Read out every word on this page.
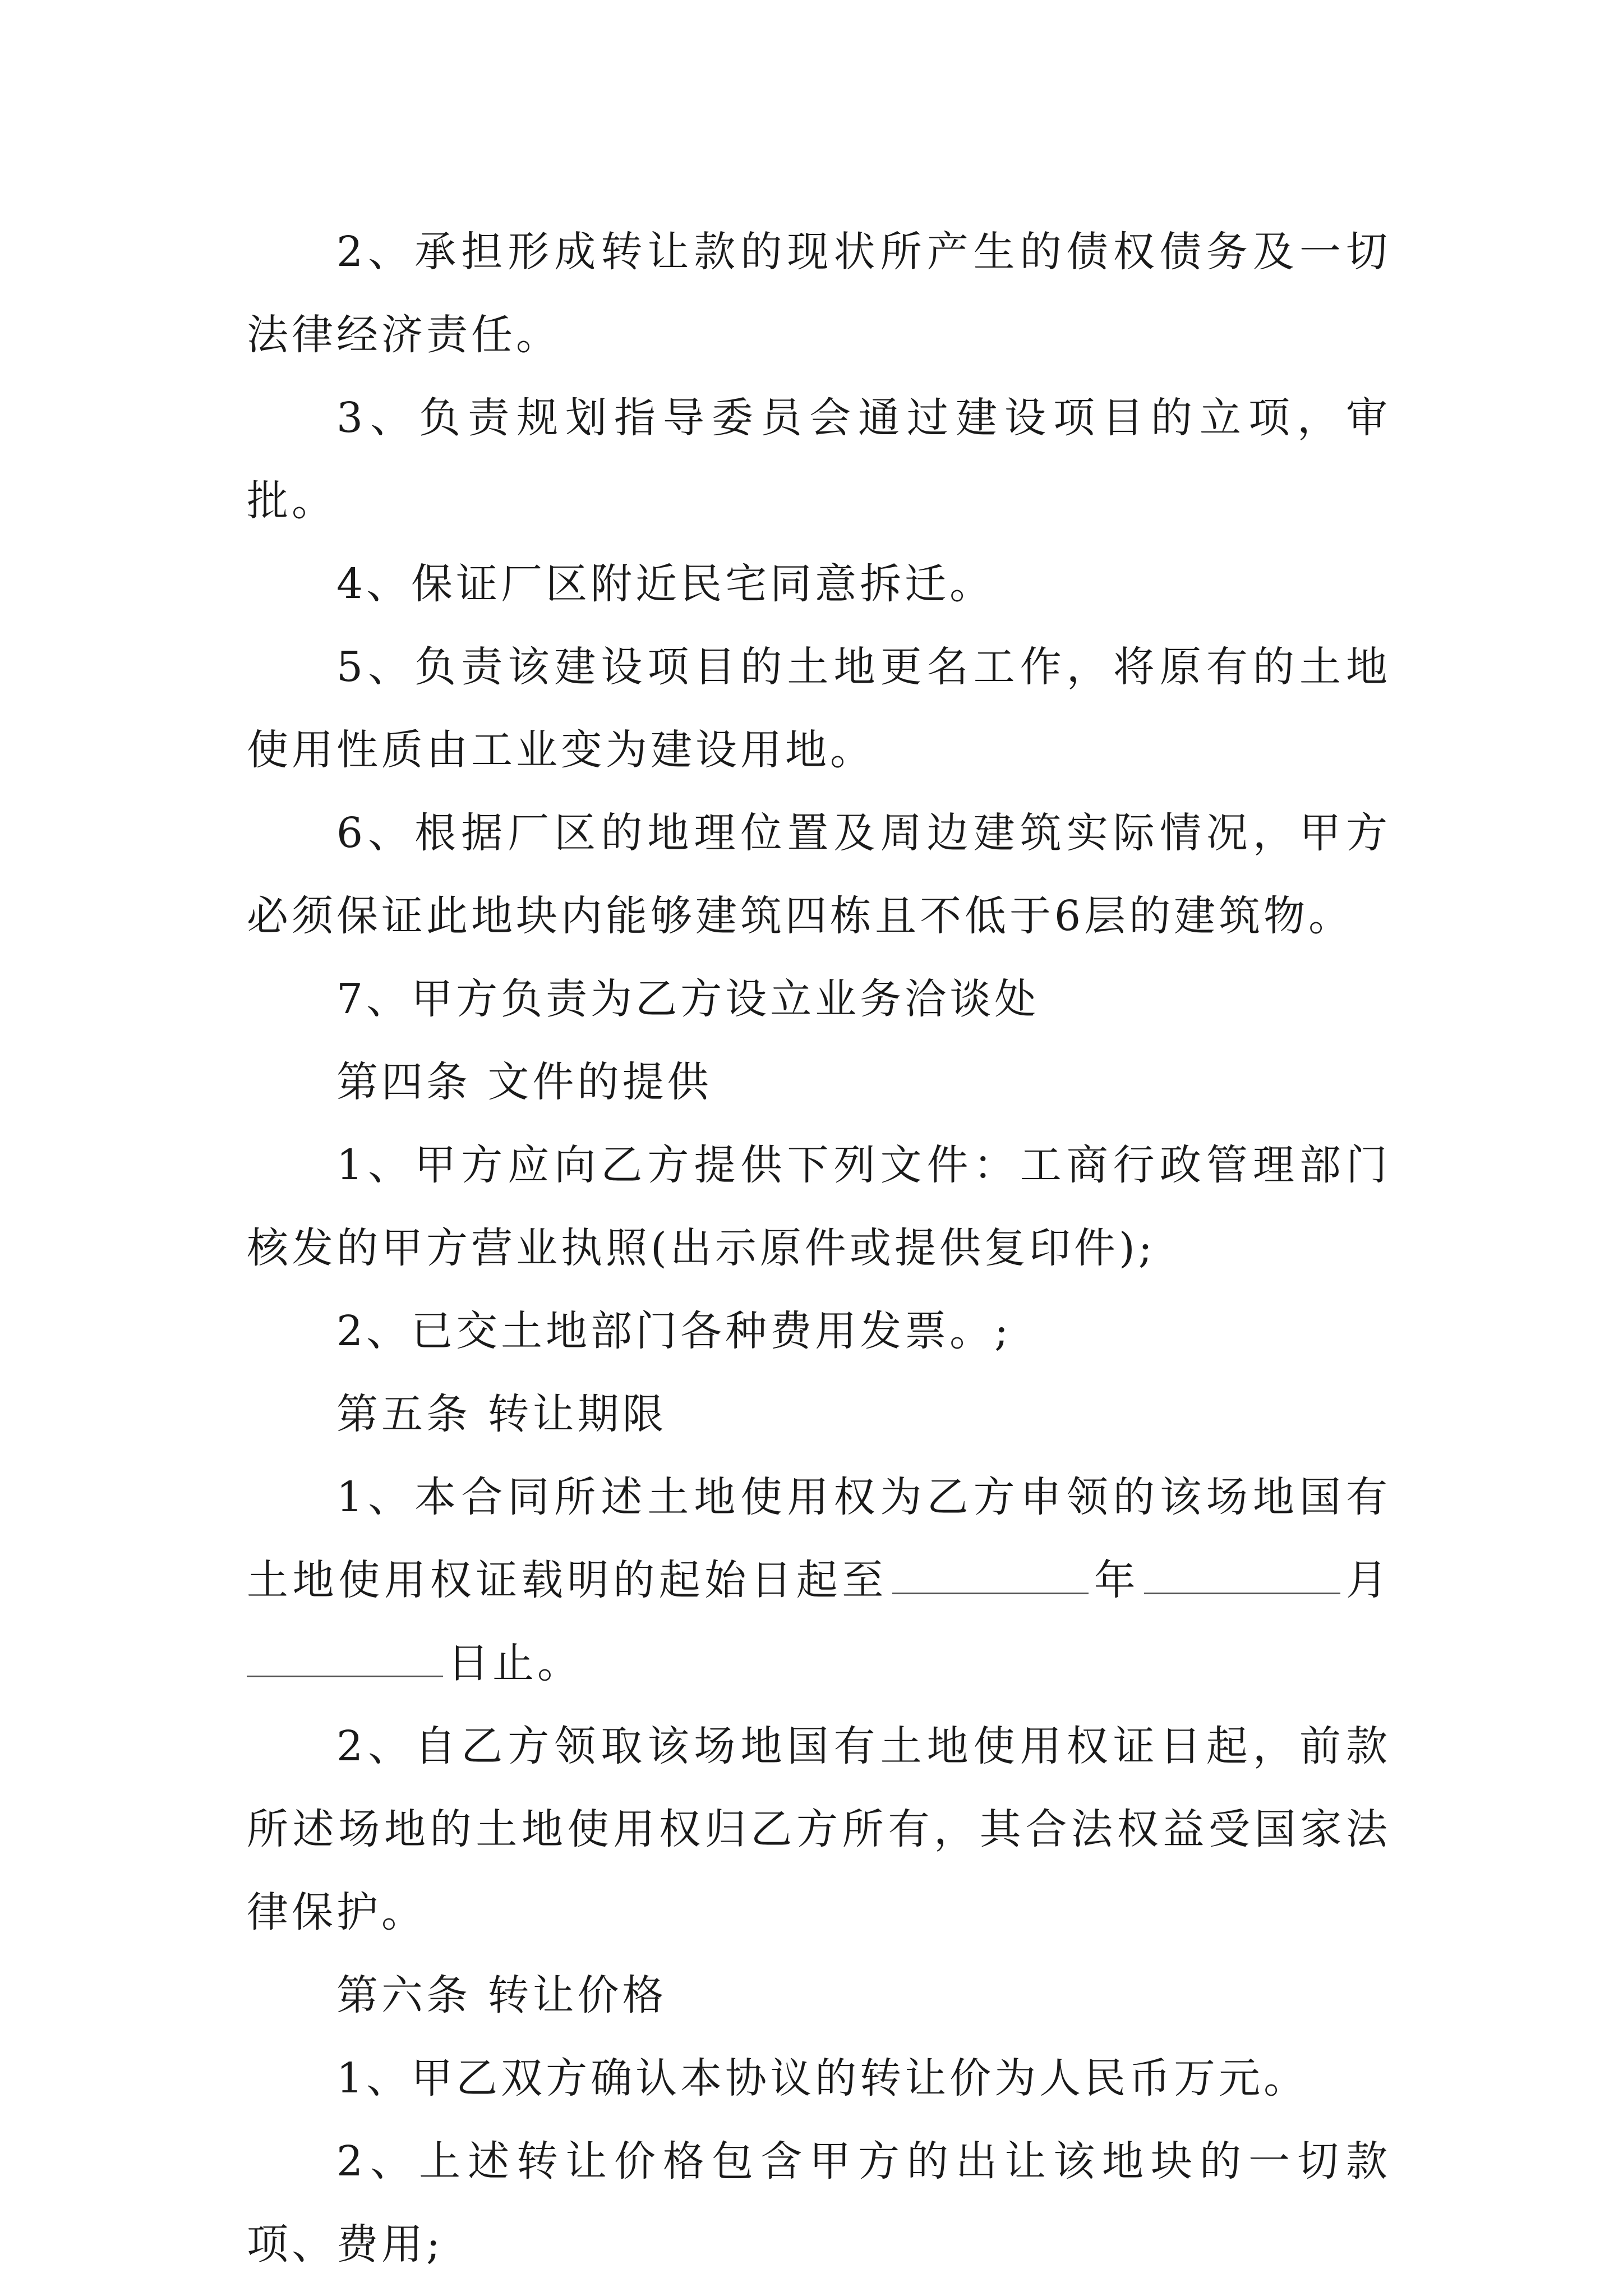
2、承担形成转让款的现状所产生的债权债务及一切法律经济责任。

3、负责规划指导委员会通过建设项目的立项，审批。

4、保证厂区附近民宅同意拆迁。

5、负责该建设项目的土地更名工作，将原有的土地使用性质由工业变为建设用地。

6、根据厂区的地理位置及周边建筑实际情况，甲方必须保证此地块内能够建筑四栋且不低于6层的建筑物。

7、甲方负责为乙方设立业务洽谈处

第四条 文件的提供

1、甲方应向乙方提供下列文件：工商行政管理部门核发的甲方营业执照(出示原件或提供复印件);

2、已交土地部门各种费用发票。;

第五条 转让期限

1、本合同所述土地使用权为乙方申领的该场地国有土地使用权证载明的起始日起至	年	月日止。

2、自乙方领取该场地国有土地使用权证日起，前款所述场地的土地使用权归乙方所有，其合法权益受国家法律保护。

第六条 转让价格

1、甲乙双方确认本协议的转让价为人民币万元。

2、上述转让价格包含甲方的出让该地块的一切款项、费用;
